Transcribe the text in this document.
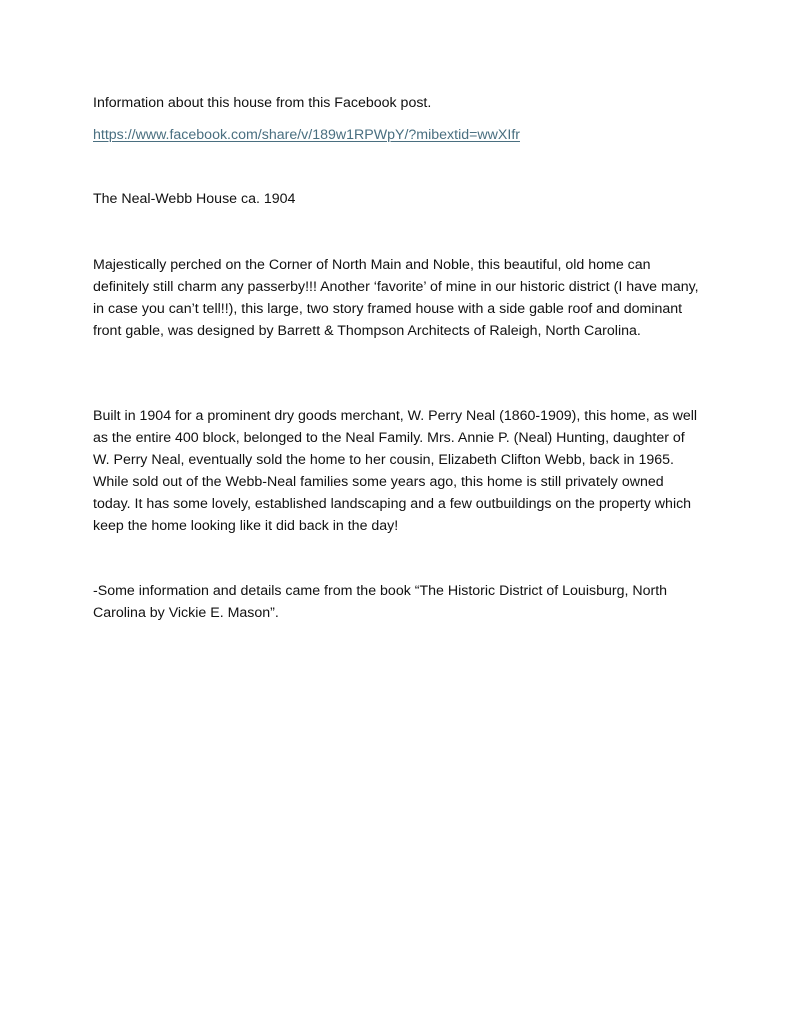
Information about this house from this Facebook post.

https://www.facebook.com/share/v/189w1RPWpY/?mibextid=wwXIfr

The Neal-Webb House ca. 1904

Majestically perched on the Corner of North Main and Noble, this beautiful, old home can definitely still charm any passerby!!! Another ‘favorite’ of mine in our historic district (I have many, in case you can’t tell!!), this large, two story framed house with a side gable roof and dominant front gable, was designed by Barrett & Thompson Architects of Raleigh, North Carolina.

Built in 1904 for a prominent dry goods merchant, W. Perry Neal (1860-1909), this home, as well as the entire 400 block, belonged to the Neal Family. Mrs. Annie P. (Neal) Hunting, daughter of W. Perry Neal, eventually sold the home to her cousin, Elizabeth Clifton Webb, back in 1965. While sold out of the Webb-Neal families some years ago, this home is still privately owned today. It has some lovely, established landscaping and a few outbuildings on the property which keep the home looking like it did back in the day!

-Some information and details came from the book “The Historic District of Louisburg, North Carolina by Vickie E. Mason”.
